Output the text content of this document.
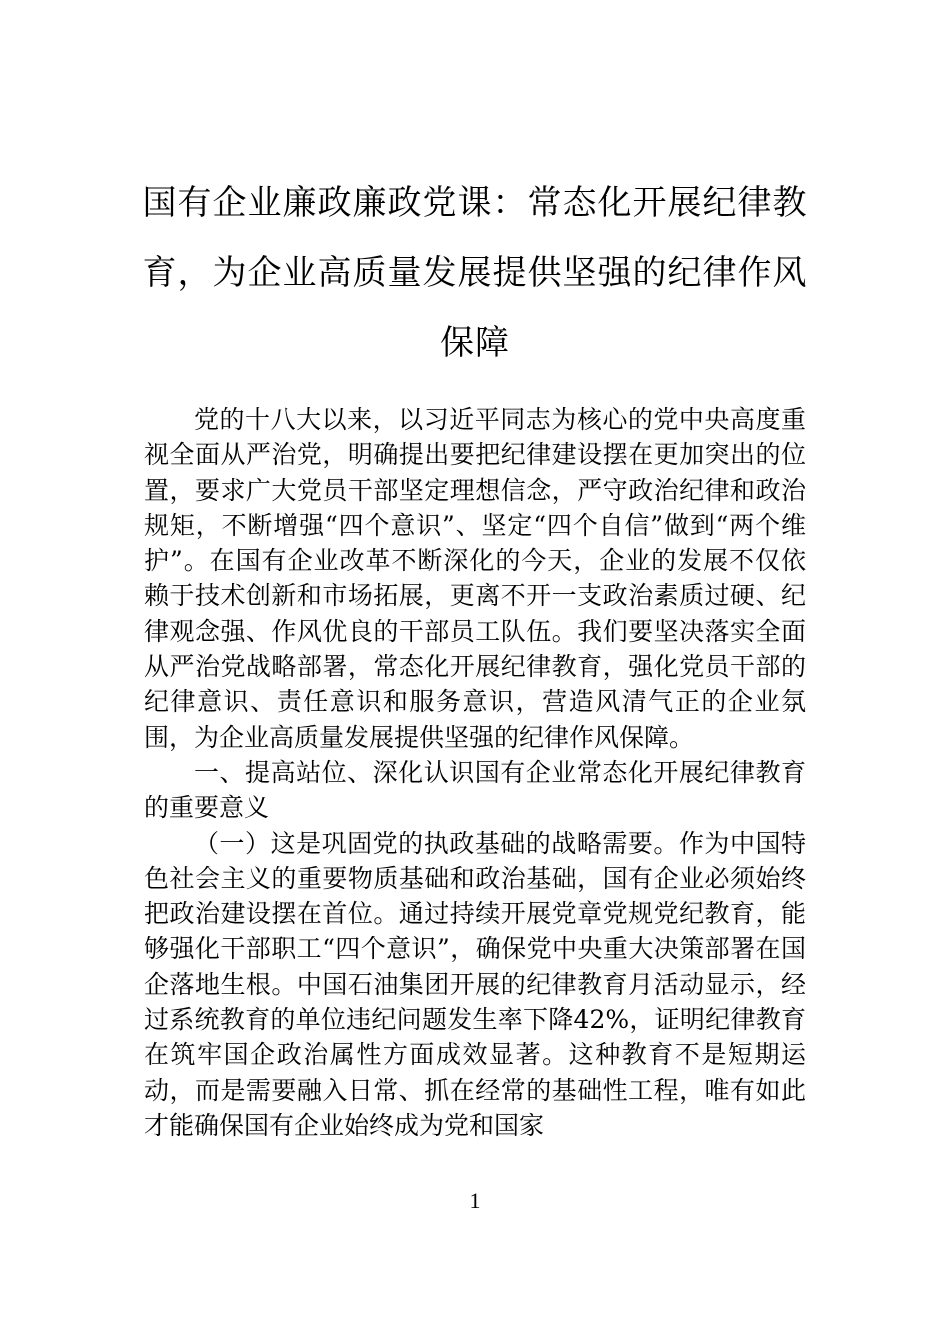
国有企业廉政廉政党课：常态化开展纪律教育，为企业高质量发展提供坚强的纪律作风保障

党的十八大以来，以习近平同志为核心的党中央高度重视全面从严治党，明确提出要把纪律建设摆在更加突出的位置，要求广大党员干部坚定理想信念，严守政治纪律和政治规矩，不断增强“四个意识”、坚定“四个自信”做到“两个维护”。在国有企业改革不断深化的今天，企业的发展不仅依赖于技术创新和市场拓展，更离不开一支政治素质过硬、纪律观念强、作风优良的干部员工队伍。我们要坚决落实全面从严治党战略部署，常态化开展纪律教育，强化党员干部的纪律意识、责任意识和服务意识，营造风清气正的企业氛围，为企业高质量发展提供坚强的纪律作风保障。

一、提高站位、深化认识国有企业常态化开展纪律教育的重要意义

（一）这是巩固党的执政基础的战略需要。作为中国特色社会主义的重要物质基础和政治基础，国有企业必须始终把政治建设摆在首位。通过持续开展党章党规党纪教育，能够强化干部职工“四个意识”，确保党中央重大决策部署在国企落地生根。中国石油集团开展的纪律教育月活动显示，经过系统教育的单位违纪问题发生率下降42%，证明纪律教育在筑牢国企政治属性方面成效显著。这种教育不是短期运动，而是需要融入日常、抓在经常的基础性工程，唯有如此才能确保国有企业始终成为党和国家

1
